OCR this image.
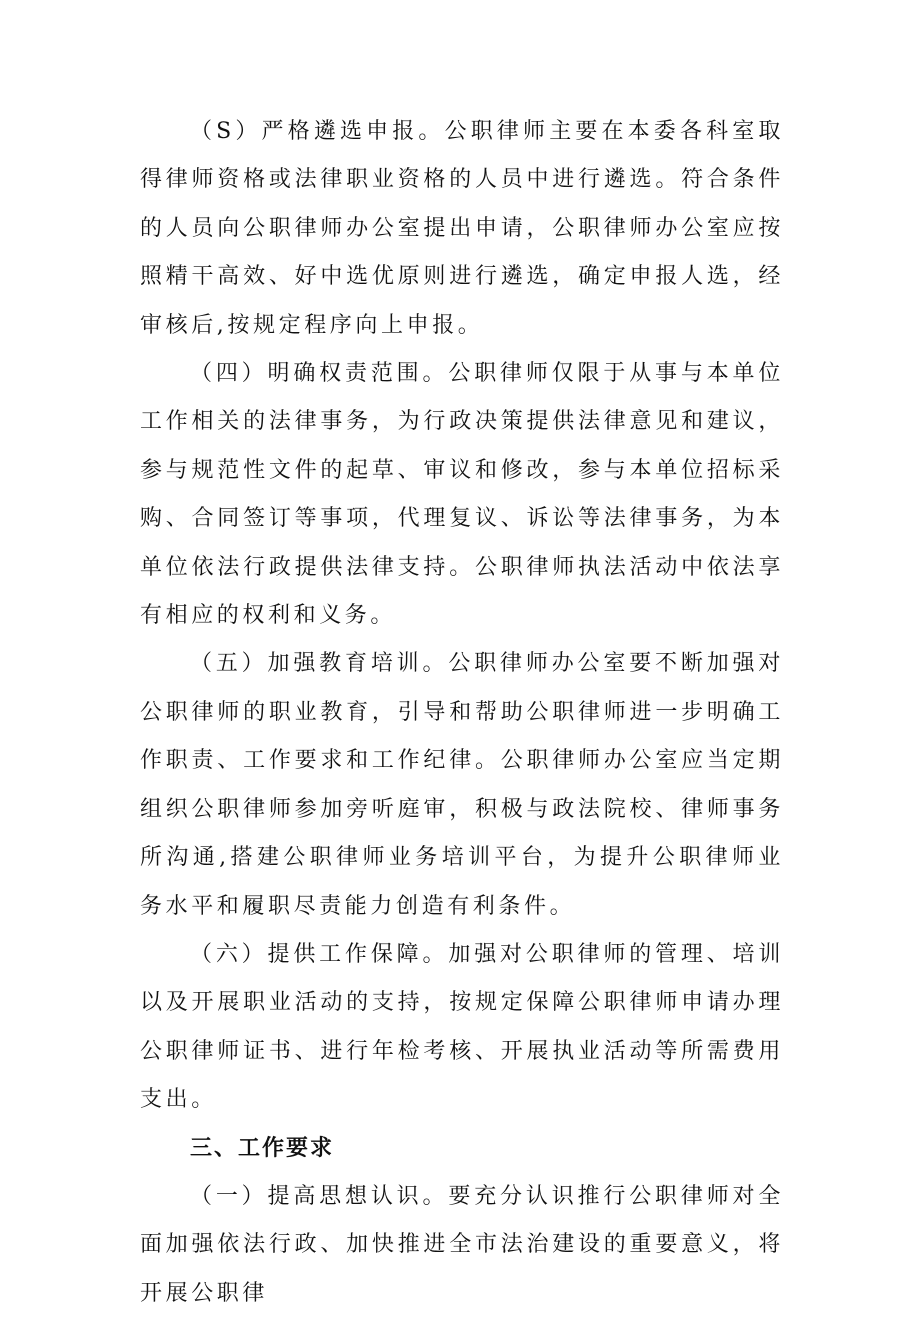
（S）严格遴选申报。公职律师主要在本委各科室取得律师资格或法律职业资格的人员中进行遴选。符合条件的人员向公职律师办公室提出申请，公职律师办公室应按照精干高效、好中选优原则进行遴选，确定申报人选，经审核后,按规定程序向上申报。

（四）明确权责范围。公职律师仅限于从事与本单位工作相关的法律事务，为行政决策提供法律意见和建议，参与规范性文件的起草、审议和修改，参与本单位招标采购、合同签订等事项，代理复议、诉讼等法律事务，为本单位依法行政提供法律支持。公职律师执法活动中依法享有相应的权利和义务。

（五）加强教育培训。公职律师办公室要不断加强对公职律师的职业教育，引导和帮助公职律师进一步明确工作职责、工作要求和工作纪律。公职律师办公室应当定期组织公职律师参加旁听庭审，积极与政法院校、律师事务所沟通,搭建公职律师业务培训平台，为提升公职律师业务水平和履职尽责能力创造有利条件。

（六）提供工作保障。加强对公职律师的管理、培训以及开展职业活动的支持，按规定保障公职律师申请办理公职律师证书、进行年检考核、开展执业活动等所需费用支出。

三、工作要求

（一）提高思想认识。要充分认识推行公职律师对全面加强依法行政、加快推进全市法治建设的重要意义，将开展公职律
